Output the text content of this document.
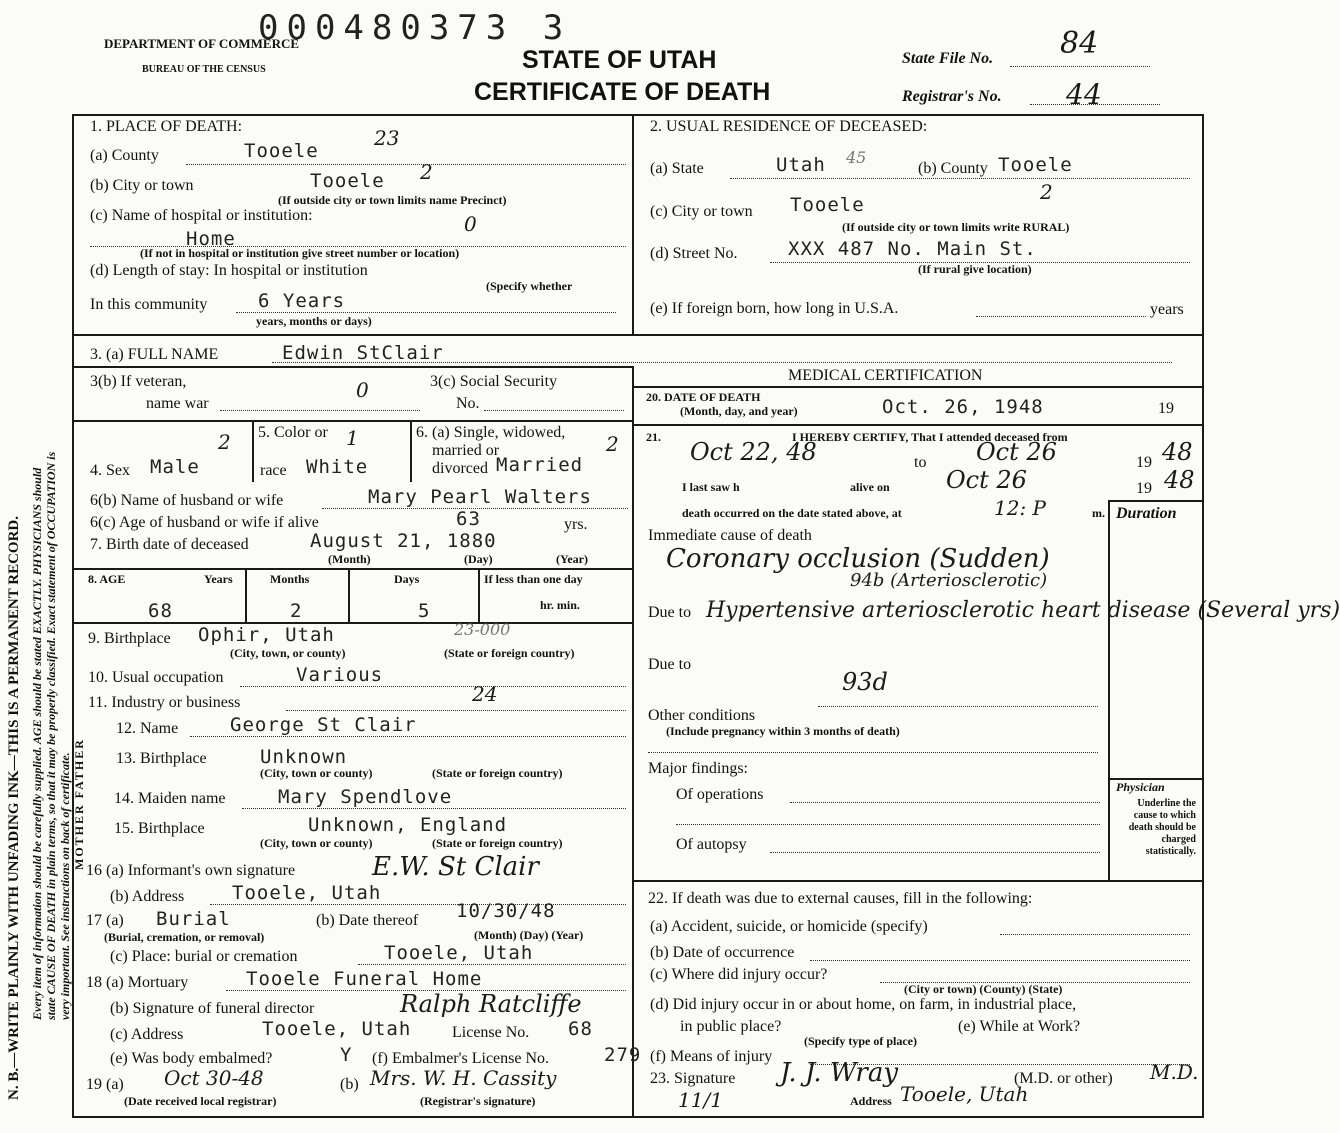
N. B.—WRITE PLAINLY WITH UNFADING INK—THIS IS A PERMANENT RECORD. Every item of information should be carefully supplied. AGE should be stated EXACTLY. PHYSICIANS should state CAUSE OF DEATH in plain terms, so that it may be properly classified. Exact statement of OCCUPATION is very important. See instructions on back of certificate. MOTHER FATHER
DEPARTMENT OF COMMERCE
BUREAU OF THE CENSUS
000480373 3
STATE OF UTAH
CERTIFICATE OF DEATH
State File No. 84
Registrar's No. 44
1. PLACE OF DEATH:
(a) County	Tooele
23
(b) City or town	Tooele 2
(If outside city or town limits name Precinct)
(c) Name of hospital or institution:	0
Home
(If not in hospital or institution give street number or location)
(d) Length of stay: In hospital or institution
(Specify whether
In this community	6 Years
years, months or days)
2. USUAL RESIDENCE OF DECEASED:
(a) State	Utah 45
(b) County Tooele
(c) City or town Tooele
2
(If outside city or town limits write RURAL)
(d) Street No.	XXX 487 No. Main St.
(If rural give location)
(e) If foreign born, how long in U.S.A.	years
3. (a) FULL NAME	Edwin StClair
3(b) If veteran,
name war
0	3(c) Social Security
No.
MEDICAL CERTIFICATION
20. DATE OF DEATH
(Month, day, and year)	Oct. 26, 1948	19
4. Sex Male
2 5. Color or
race White
1	6. (a) Single, widowed,
married or
divorced Married
2
6(b) Name of husband or wife	Mary Pearl Walters
6(c) Age of husband or wife if alive	63	yrs.
7. Birth date of deceased	August 21, 1880
(Month)	(Day)	(Year)
8. AGE	Years	Months	Days	If less than one day
68	2	5	hr. min.
9. Birthplace Ophir, Utah	23-000
(City, town, or county)	(State or foreign country)
10. Usual occupation	Various
11. Industry or business	24
12. Name	George St Clair
13. Birthplace	Unknown
(City, town or county)	(State or foreign country)
14. Maiden name	Mary Spendlove
15. Birthplace	Unknown, England
(City, town or county)	(State or foreign country)
16 (a) Informant's own signature	E.W. St Clair
(b) Address	Tooele, Utah
17 (a) Burial
(Burial, cremation, or removal)
(b) Date thereof 10/30/48
(Month) (Day) (Year)
(c) Place: burial or cremation	Tooele, Utah
18 (a) Mortuary	Tooele Funeral Home
(b) Signature of funeral director	Ralph Ratcliffe
(c) Address	Tooele, Utah	License No. 68
(e) Was body embalmed?	Y (f) Embalmer's License No.	279
19 (a) Oct 30-48	(b) Mrs. W. H. Cassity
(Date received local registrar)	(Registrar's signature)
21.	I HEREBY CERTIFY, That I attended deceased from
Oct 22, 48	to Oct 26	19 48
I last saw h	alive on Oct 26	19 48
death occurred on the date stated above, at	12: P	m. Duration
Immediate cause of death
Coronary occlusion (Sudden)
94b (Arteriosclerotic)
Due to Hypertensive arteriosclerotic heart disease (Several yrs)
Due to
93d
Other conditions
(Include pregnancy within 3 months of death)
Major findings:
Of operations
Of autopsy
Physician
Underline the cause to which death should be charged statistically.
22. If death was due to external causes, fill in the following:
(a) Accident, suicide, or homicide (specify)
(b) Date of occurrence
(c) Where did injury occur?
(City or town) (County) (State)
(d) Did injury occur in or about home, on farm, in industrial place,
in public place?	(e) While at Work?
(Specify type of place)
(f) Means of injury
23. Signature J. J. Wray	(M.D. or other) M.D.
11/1	Address Tooele, Utah
